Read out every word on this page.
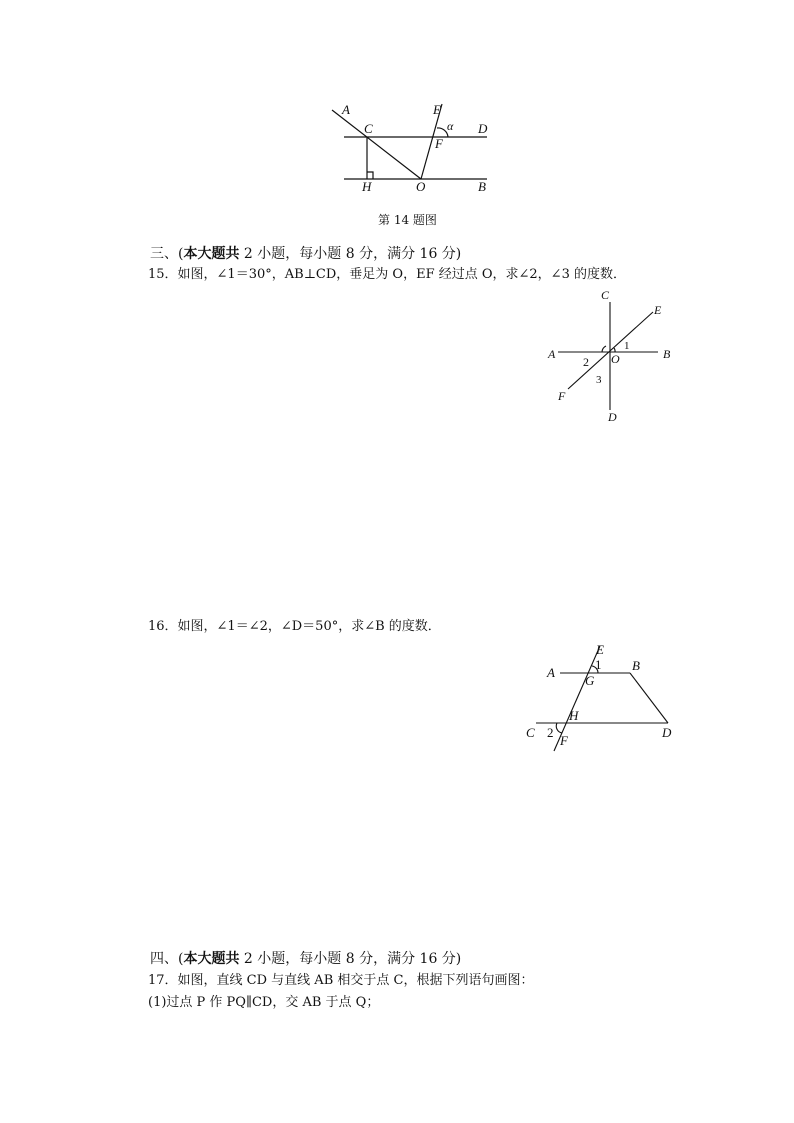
A
C
E
α D
F
H	O	B
第 14 题图
三、(本大题共 2 小题，每小题 8 分，满分 16 分)
15．如图，∠1＝30°，AB⊥CD，垂足为 O，EF 经过点 O，求∠2，∠3 的度数．
C
E
A
1
2 O	B
3
F
D
16．如图，∠1＝∠2，∠D＝50°，求∠B 的度数．
E
A
1
G
B
H
C 2
F
D
四、(本大题共 2 小题，每小题 8 分，满分 16 分)
17．如图，直线 CD 与直线 AB 相交于点 C，根据下列语句画图：
(1)过点 P 作 PQ∥CD，交 AB 于点 Q；
